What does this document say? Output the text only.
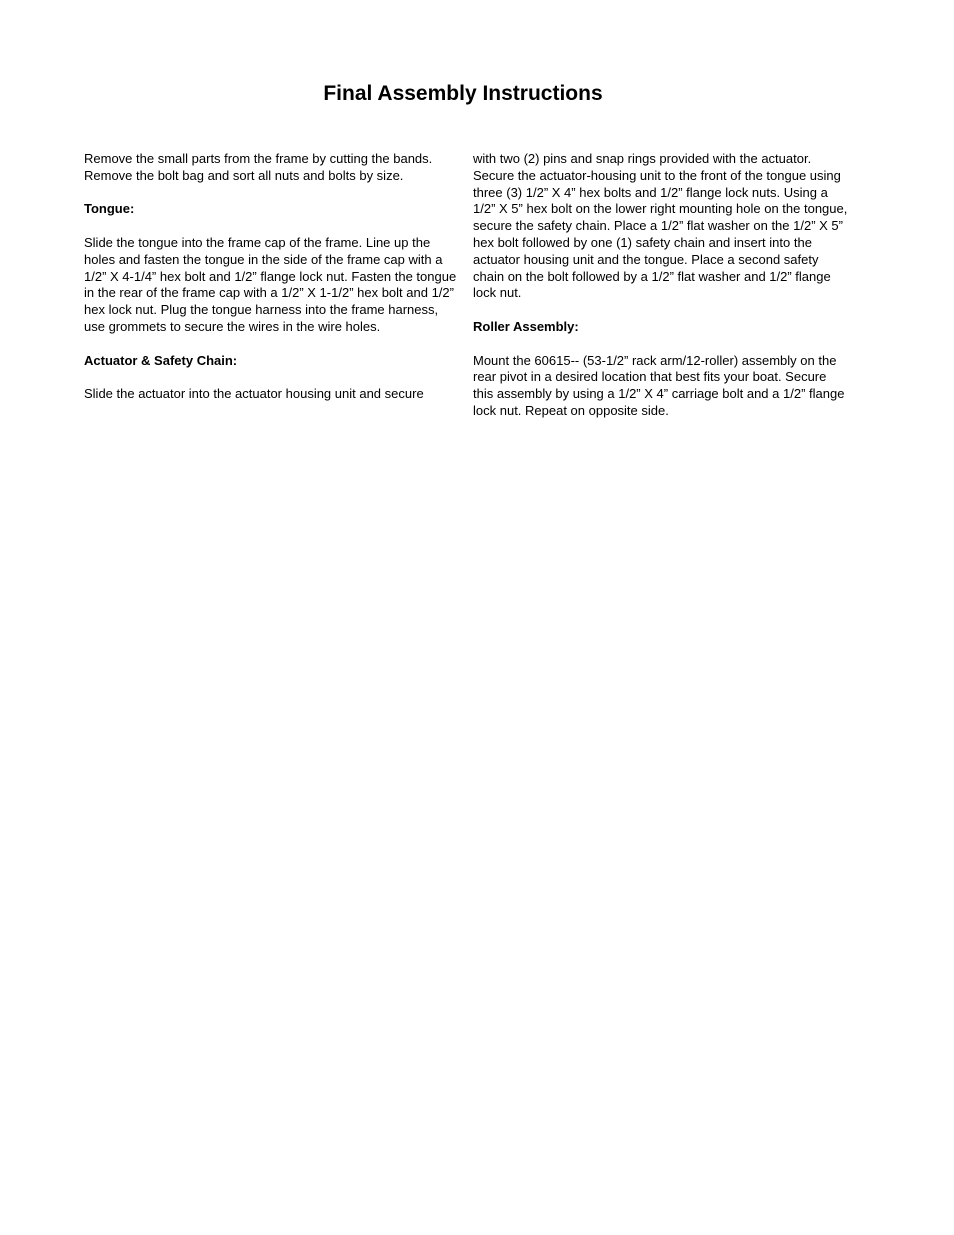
Final Assembly Instructions

Remove the small parts from the frame by cutting the bands. Remove the bolt bag and sort all nuts and bolts by size.

Tongue:

Slide the tongue into the frame cap of the frame. Line up the holes and fasten the tongue in the side of the frame cap with a 1/2” X 4-1/4” hex bolt and 1/2” flange lock nut. Fasten the tongue in the rear of the frame cap with a 1/2” X 1-1/2” hex bolt and 1/2” hex lock nut. Plug the tongue harness into the frame harness, use grommets to secure the wires in the wire holes.

Actuator & Safety Chain:

Slide the actuator into the actuator housing unit and secure

with two (2) pins and snap rings provided with the actuator. Secure the actuator-housing unit to the front of the tongue using three (3) 1/2” X 4” hex bolts and 1/2” flange lock nuts. Using a 1/2” X 5” hex bolt on the lower right mounting hole on the tongue, secure the safety chain. Place a 1/2” flat washer on the 1/2” X 5” hex bolt followed by one (1) safety chain and insert into the actuator housing unit and the tongue. Place a second safety chain on the bolt followed by a 1/2” flat washer and 1/2” flange lock nut.

Roller Assembly:

Mount the 60615-- (53-1/2” rack arm/12-roller) assembly on the rear pivot in a desired location that best fits your boat. Secure this assembly by using a 1/2” X 4” carriage bolt and a 1/2” flange lock nut. Repeat on opposite side.
